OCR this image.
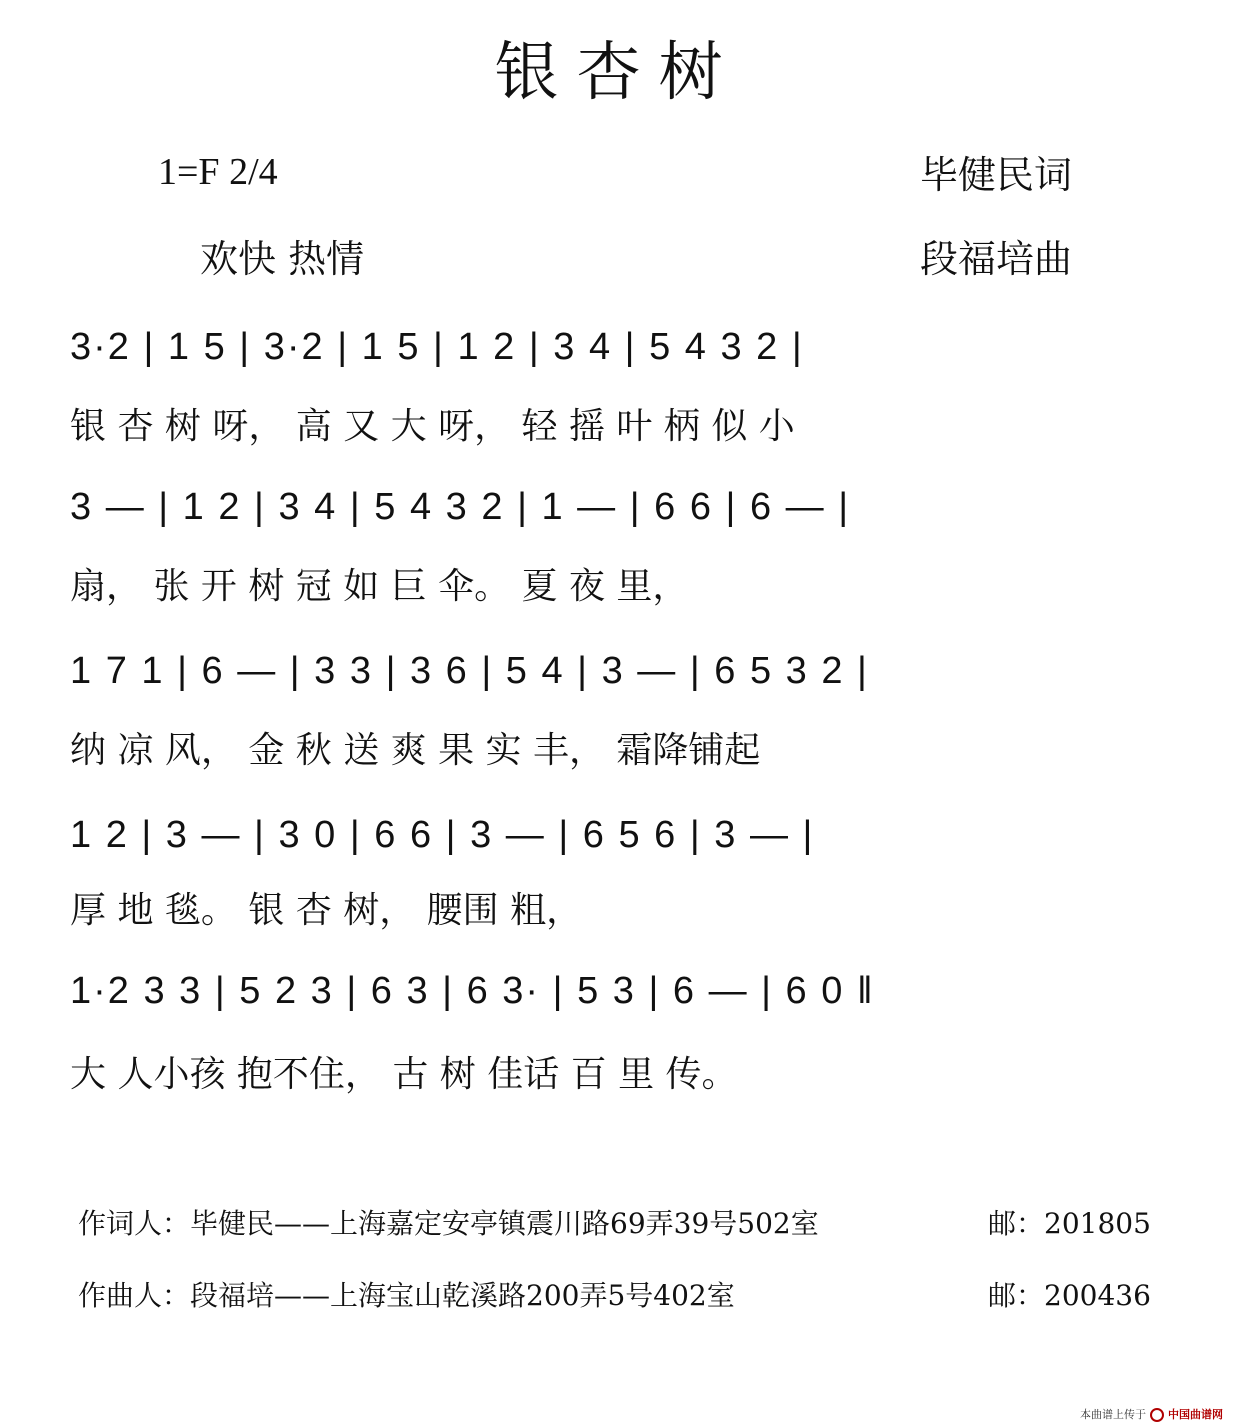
银杏树
1=F 2/4
欢快 热情
毕健民词
段福培曲
3·2 | 1 5 | 3·2 | 1 5 | 1 2 | 3 4 | 5 4 3 2 |
银 杏 树 呀， 高 又 大 呀， 轻 摇 叶 柄 似 小
3 — | 1 2 | 3 4 | 5 4 3 2 | 1 — | 6 6 | 6 — |
扇， 张 开 树 冠 如 巨 伞。 夏 夜 里，
1 7 1 | 6 — | 3 3 | 3 6 | 5 4 | 3 — | 6 5 3 2 |
纳 凉 风， 金 秋 送 爽 果 实 丰， 霜降铺起
1 2 | 3 — | 3 0 | 6 6 | 3 — | 6 5 6 | 3 — |
厚 地 毯。 银 杏 树， 腰围 粗，
1·2 3 3 | 5 2 3 | 6 3 | 6 3· | 5 3 | 6 — | 6 0 ‖
大 人小孩 抱不住， 古 树 佳话 百 里 传。
作词人：毕健民——上海嘉定安亭镇震川路69弄39号502室	邮：201805
作曲人：段福培——上海宝山乾溪路200弄5号402室	邮：200436
本曲谱上传于 中国曲谱网
